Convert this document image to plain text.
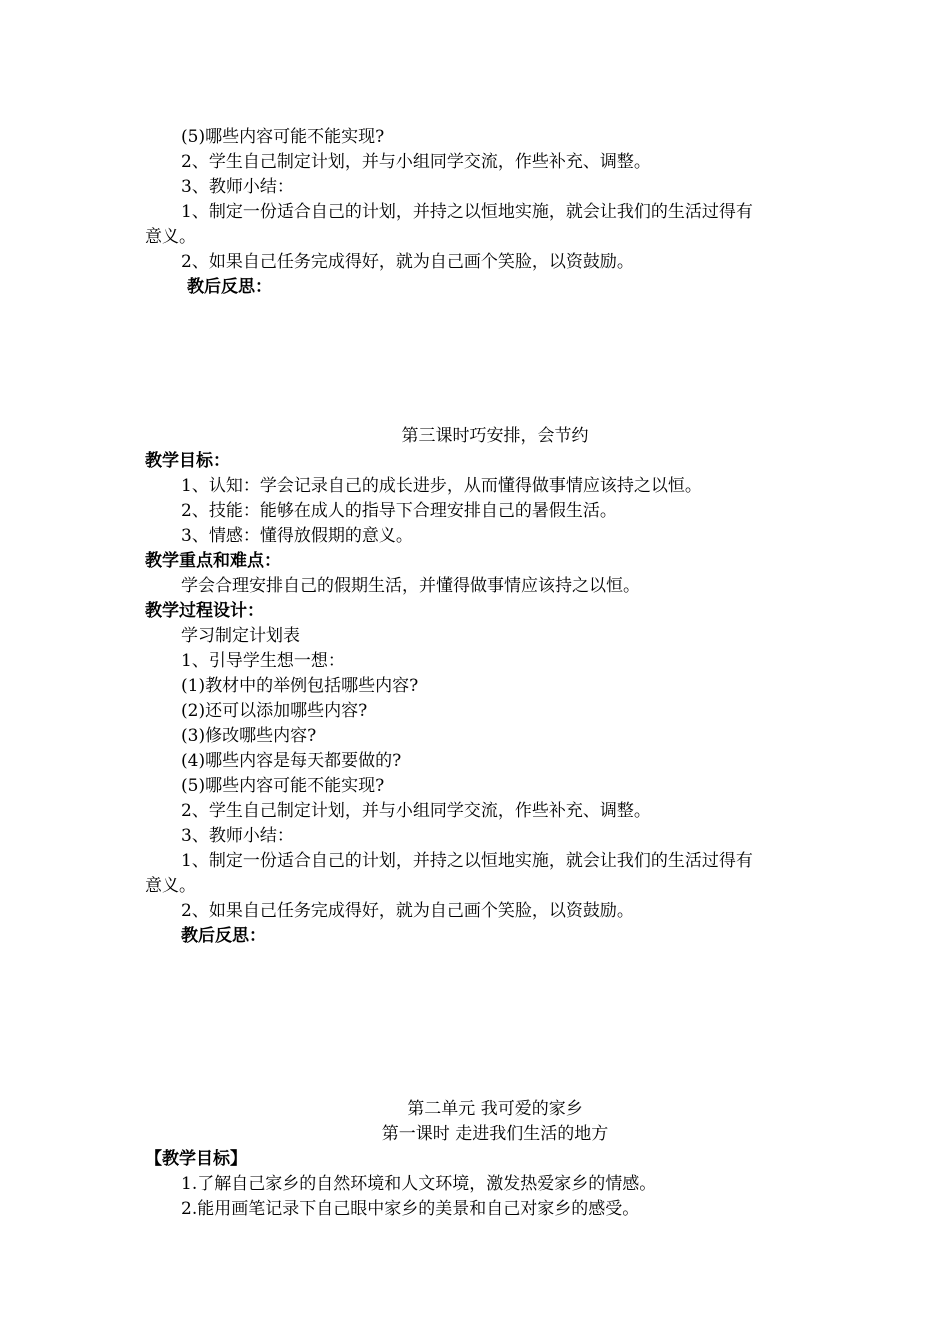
(5)哪些内容可能不能实现?
2、学生自己制定计划，并与小组同学交流，作些补充、调整。
3、教师小结：
1、制定一份适合自己的计划，并持之以恒地实施，就会让我们的生活过得有
意义。
2、如果自己任务完成得好，就为自己画个笑脸，以资鼓励。
教后反思：
第三课时巧安排，会节约
教学目标：
1、认知：学会记录自己的成长进步，从而懂得做事情应该持之以恒。
2、技能：能够在成人的指导下合理安排自己的暑假生活。
3、情感：懂得放假期的意义。
教学重点和难点：
学会合理安排自己的假期生活，并懂得做事情应该持之以恒。
教学过程设计：
学习制定计划表
1、引导学生想一想：
(1)教材中的举例包括哪些内容?
(2)还可以添加哪些内容?
(3)修改哪些内容?
(4)哪些内容是每天都要做的?
(5)哪些内容可能不能实现?
2、学生自己制定计划，并与小组同学交流，作些补充、调整。
3、教师小结：
1、制定一份适合自己的计划，并持之以恒地实施，就会让我们的生活过得有
意义。
2、如果自己任务完成得好，就为自己画个笑脸，以资鼓励。
教后反思：
第二单元 我可爱的家乡
第一课时 走进我们生活的地方
【教学目标】
1.了解自己家乡的自然环境和人文环境，激发热爱家乡的情感。
2.能用画笔记录下自己眼中家乡的美景和自己对家乡的感受。
